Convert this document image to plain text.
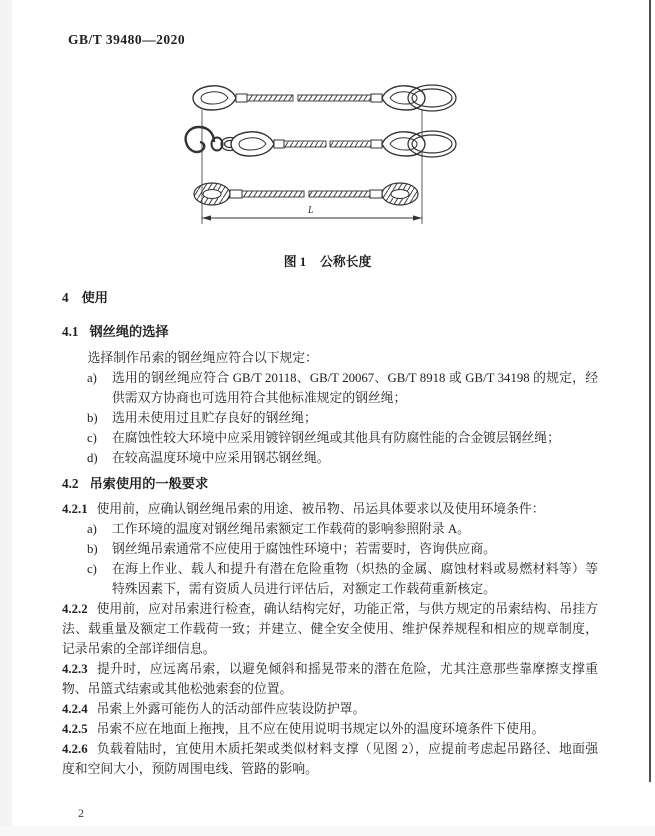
GB/T 39480—2020
L
图 1 公称长度
4 使用
4.1 钢丝绳的选择

选择制作吊索的钢丝绳应符合以下规定：

a) 选用的钢丝绳应符合 GB/T 20118、GB/T 20067、GB/T 8918 或 GB/T 34198 的规定，经供需双方协商也可选用符合其他标准规定的钢丝绳；
b) 选用未使用过且贮存良好的钢丝绳；
c) 在腐蚀性较大环境中应采用镀锌钢丝绳或其他具有防腐性能的合金镀层钢丝绳；
d) 在较高温度环境中应采用钢芯钢丝绳。
4.2 吊索使用的一般要求

4.2.1 使用前，应确认钢丝绳吊索的用途、被吊物、吊运具体要求以及使用环境条件：

a) 工作环境的温度对钢丝绳吊索额定工作载荷的影响参照附录 A。
b) 钢丝绳吊索通常不应使用于腐蚀性环境中；若需要时，咨询供应商。
c) 在海上作业、载人和提升有潜在危险重物（炽热的金属、腐蚀材料或易燃材料等）等特殊因素下，需有资质人员进行评估后，对额定工作载荷重新核定。

4.2.2 使用前，应对吊索进行检查，确认结构完好，功能正常，与供方规定的吊索结构、吊挂方法、载重量及额定工作载荷一致；并建立、健全安全使用、维护保养规程和相应的规章制度，记录吊索的全部详细信息。

4.2.3 提升时，应远离吊索，以避免倾斜和摇晃带来的潜在危险，尤其注意那些靠摩擦支撑重物、吊篮式结索或其他松弛索套的位置。

4.2.4 吊索上外露可能伤人的活动部件应装设防护罩。

4.2.5 吊索不应在地面上拖拽，且不应在使用说明书规定以外的温度环境条件下使用。

4.2.6 负载着陆时，宜使用木质托架或类似材料支撑（见图 2），应提前考虑起吊路径、地面强度和空间大小，预防周围电线、管路的影响。

2
